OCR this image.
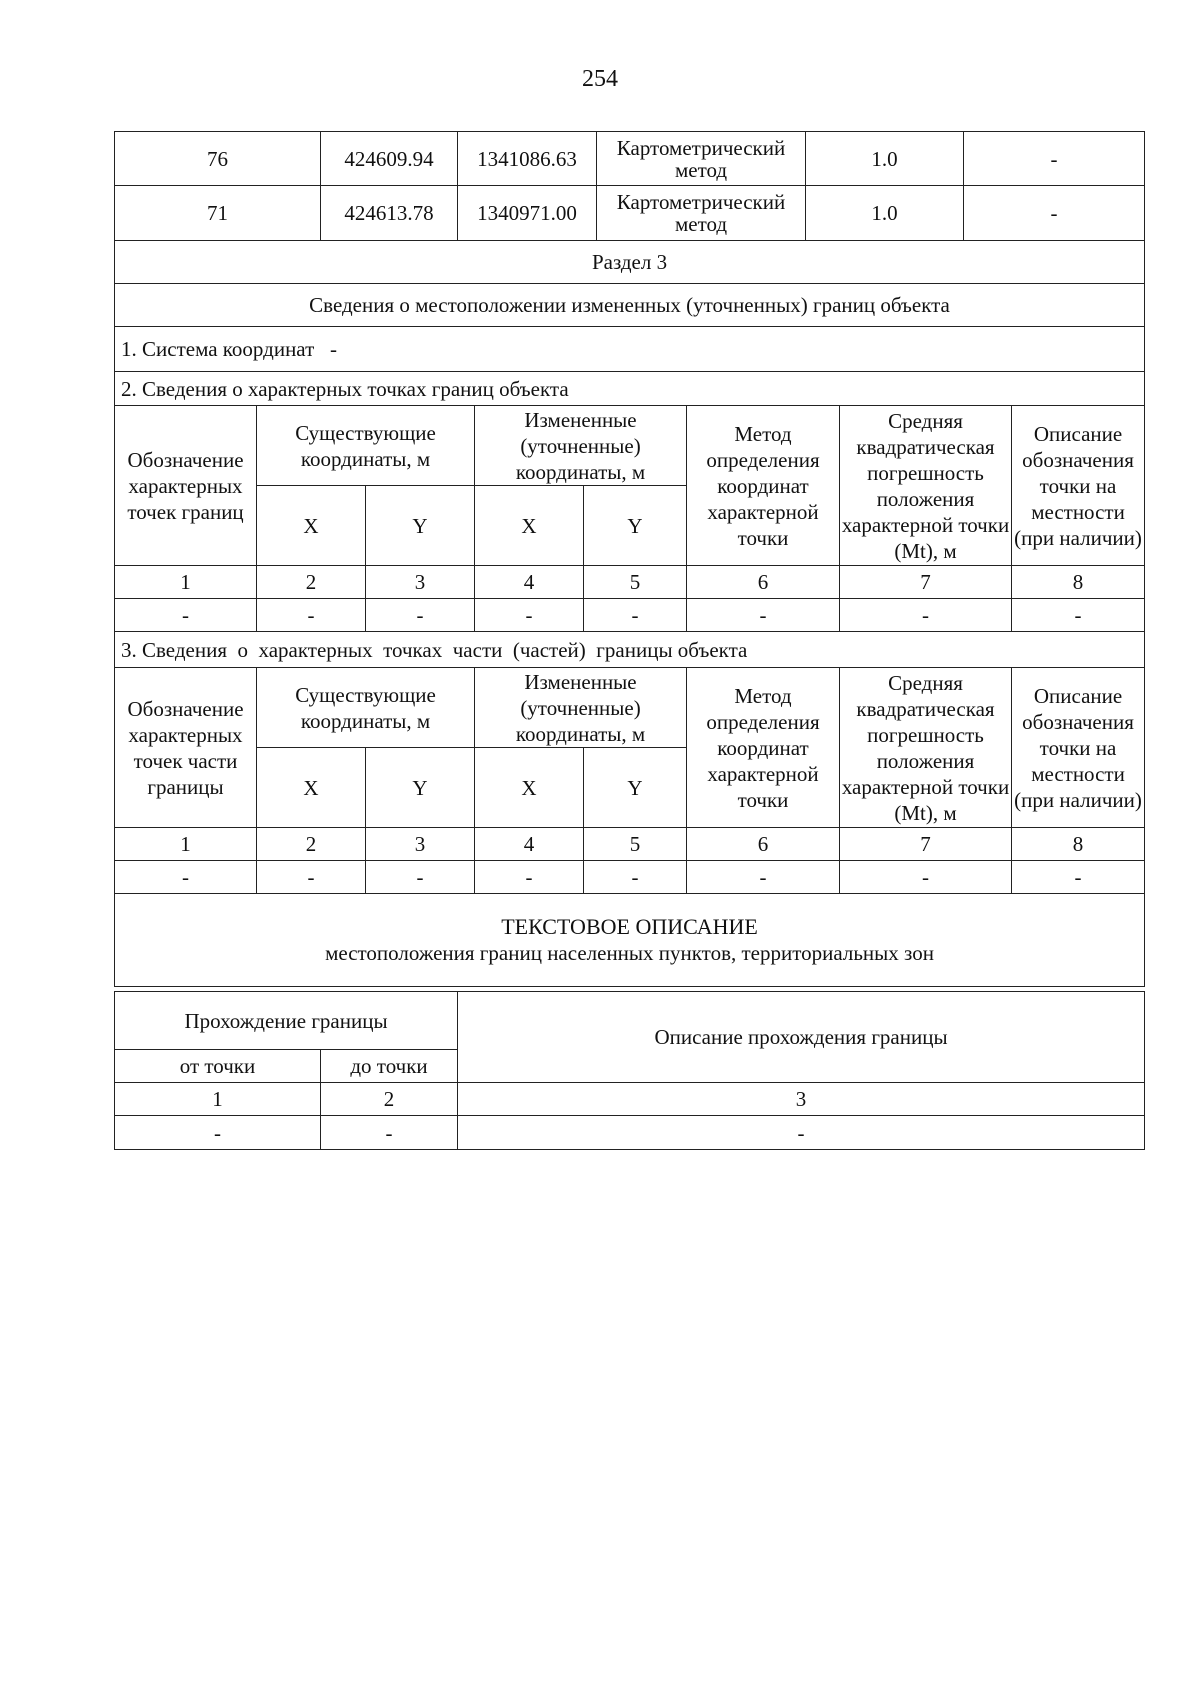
254
76	424609.94	1341086.63	Картометрический метод	1.0	-
71	424613.78	1340971.00	Картометрический метод	1.0	-
Раздел 3							
Сведения о местоположении измененных (уточненных) границ объекта							
1. Система координат   -							
2. Сведения о характерных точках границ объекта							
Обозначение характерных точек границ	Существующие координаты, м		Измененные (уточненные) координаты, м		Метод определения координат характерной точки	Средняя квадратическая погрешность положения характерной точки (Mt), м	Описание обозначения точки на местности (при наличии)
	X	Y	X	Y			
1	2	3	4	5	6	7	8
-	-	-	-	-	-	-	-
3. Сведения  о  характерных  точках  части  (частей)  границы объекта							
Обозначение характерных точек части границы	Существующие координаты, м		Измененные (уточненные) координаты, м		Метод определения координат характерной точки	Средняя квадратическая погрешность положения характерной точки (Mt), м	Описание обозначения точки на местности (при наличии)
	X	Y	X	Y			
1	2	3	4	5	6	7	8
-	-	-	-	-	-	-	-

ТЕКСТОВОЕ ОПИСАНИЕ
местоположения границ населенных пунктов, территориальных зон							
Прохождение границы		Описание прохождения границы
от точки	до точки	
1	2	3
-	-	-
